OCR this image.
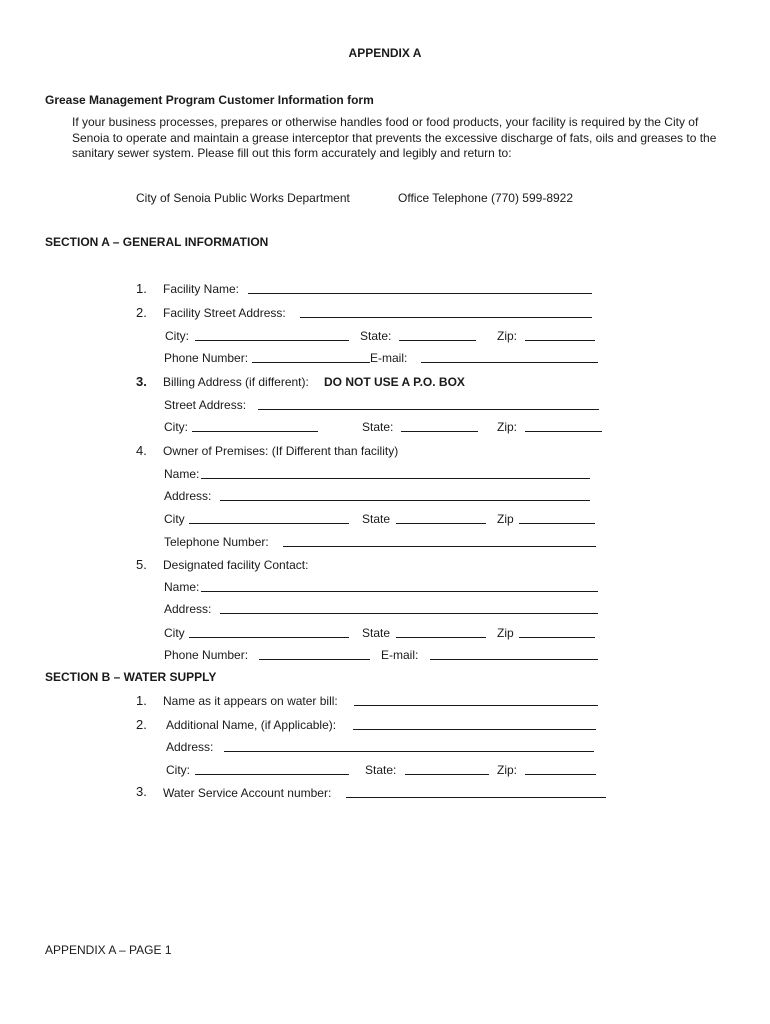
APPENDIX A
Grease Management Program Customer Information form
If your business processes, prepares or otherwise handles food or food products, your facility is required by the City of Senoia to operate and maintain a grease interceptor that prevents the excessive discharge of fats, oils and greases to the sanitary sewer system. Please fill out this form accurately and legibly and return to:
City of Senoia Public Works Department	Office Telephone (770) 599-8922
SECTION A – GENERAL INFORMATION
1. Facility Name:
2. Facility Street Address:
City:	State:	Zip:
Phone Number:	E-mail:
3. Billing Address (if different): DO NOT USE A P.O. BOX
Street Address:
City:	State:	Zip:
4. Owner of Premises: (If Different than facility)
Name:
Address:
City	State	Zip
Telephone Number:
5. Designated facility Contact:
Name:
Address:
City	State	Zip
Phone Number:	E-mail:
SECTION B – WATER SUPPLY
1. Name as it appears on water bill:
2. Additional Name, (if Applicable):
Address:
City:	State:	Zip:
3. Water Service Account number:
APPENDIX A – PAGE 1
